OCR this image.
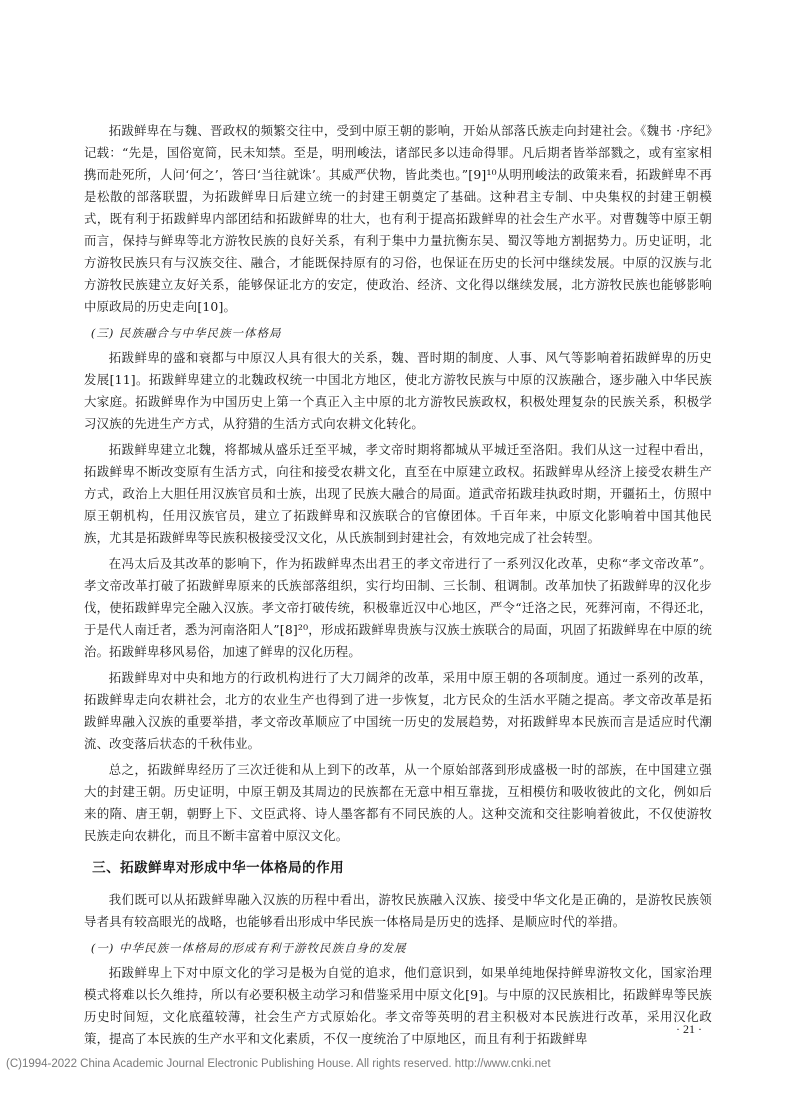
拓跋鲜卑在与魏、晋政权的频繁交往中，受到中原王朝的影响，开始从部落氏族走向封建社会。《魏书 ·序纪》记载：“先是，国俗宽简，民未知禁。至是，明刑峻法，诸部民多以违命得罪。凡后期者皆举部戮之，或有室家相携而赴死所，人问‘何之’，答曰‘当往就诛’。其威严伏物，皆此类也。”[9]¹⁰从明刑峻法的政策来看，拓跋鲜卑不再是松散的部落联盟，为拓跋鲜卑日后建立统一的封建王朝奠定了基础。这种君主专制、中央集权的封建王朝模式，既有利于拓跋鲜卑内部团结和拓跋鲜卑的壮大，也有利于提高拓跋鲜卑的社会生产水平。对曹魏等中原王朝而言，保持与鲜卑等北方游牧民族的良好关系，有利于集中力量抗衡东吴、蜀汉等地方割据势力。历史证明，北方游牧民族只有与汉族交往、融合，才能既保持原有的习俗，也保证在历史的长河中继续发展。中原的汉族与北方游牧民族建立友好关系，能够保证北方的安定，使政治、经济、文化得以继续发展，北方游牧民族也能够影响中原政局的历史走向[10]。

(三) 民族融合与中华民族一体格局

拓跋鲜卑的盛和衰都与中原汉人具有很大的关系，魏、晋时期的制度、人事、风气等影响着拓跋鲜卑的历史发展[11]。拓跋鲜卑建立的北魏政权统一中国北方地区，使北方游牧民族与中原的汉族融合，逐步融入中华民族大家庭。拓跋鲜卑作为中国历史上第一个真正入主中原的北方游牧民族政权，积极处理复杂的民族关系，积极学习汉族的先进生产方式，从狩猎的生活方式向农耕文化转化。

拓跋鲜卑建立北魏，将都城从盛乐迁至平城，孝文帝时期将都城从平城迁至洛阳。我们从这一过程中看出，拓跋鲜卑不断改变原有生活方式，向往和接受农耕文化，直至在中原建立政权。拓跋鲜卑从经济上接受农耕生产方式，政治上大胆任用汉族官员和士族，出现了民族大融合的局面。道武帝拓跋珪执政时期，开疆拓土，仿照中原王朝机构，任用汉族官员，建立了拓跋鲜卑和汉族联合的官僚团体。千百年来，中原文化影响着中国其他民族，尤其是拓跋鲜卑等民族积极接受汉文化，从氏族制到封建社会，有效地完成了社会转型。

在冯太后及其改革的影响下，作为拓跋鲜卑杰出君王的孝文帝进行了一系列汉化改革，史称“孝文帝改革”。孝文帝改革打破了拓跋鲜卑原来的氏族部落组织，实行均田制、三长制、租调制。改革加快了拓跋鲜卑的汉化步伐，使拓跋鲜卑完全融入汉族。孝文帝打破传统，积极靠近汉中心地区，严令“迁洛之民，死葬河南，不得还北，于是代人南迁者，悉为河南洛阳人”[8]²⁰，形成拓跋鲜卑贵族与汉族士族联合的局面，巩固了拓跋鲜卑在中原的统治。拓跋鲜卑移风易俗，加速了鲜卑的汉化历程。

拓跋鲜卑对中央和地方的行政机构进行了大刀阔斧的改革，采用中原王朝的各项制度。通过一系列的改革，拓跋鲜卑走向农耕社会，北方的农业生产也得到了进一步恢复，北方民众的生活水平随之提高。孝文帝改革是拓跋鲜卑融入汉族的重要举措，孝文帝改革顺应了中国统一历史的发展趋势，对拓跋鲜卑本民族而言是适应时代潮流、改变落后状态的千秋伟业。

总之，拓跋鲜卑经历了三次迁徙和从上到下的改革，从一个原始部落到形成盛极一时的部族，在中国建立强大的封建王朝。历史证明，中原王朝及其周边的民族都在无意中相互靠拢，互相模仿和吸收彼此的文化，例如后来的隋、唐王朝，朝野上下、文臣武将、诗人墨客都有不同民族的人。这种交流和交往影响着彼此，不仅使游牧民族走向农耕化，而且不断丰富着中原汉文化。

三、拓跋鲜卑对形成中华一体格局的作用

我们既可以从拓跋鲜卑融入汉族的历程中看出，游牧民族融入汉族、接受中华文化是正确的，是游牧民族领导者具有较高眼光的战略，也能够看出形成中华民族一体格局是历史的选择、是顺应时代的举措。

(一) 中华民族一体格局的形成有利于游牧民族自身的发展

拓跋鲜卑上下对中原文化的学习是极为自觉的追求，他们意识到，如果单纯地保持鲜卑游牧文化，国家治理模式将难以长久维持，所以有必要积极主动学习和借鉴采用中原文化[9]。与中原的汉民族相比，拓跋鲜卑等民族历史时间短，文化底蕴较薄，社会生产方式原始化。孝文帝等英明的君主积极对本民族进行改革，采用汉化政策，提高了本民族的生产水平和文化素质，不仅一度统治了中原地区，而且有利于拓跋鲜卑

· 21 ·
(C)1994-2022 China Academic Journal Electronic Publishing House. All rights reserved. http://www.cnki.net
